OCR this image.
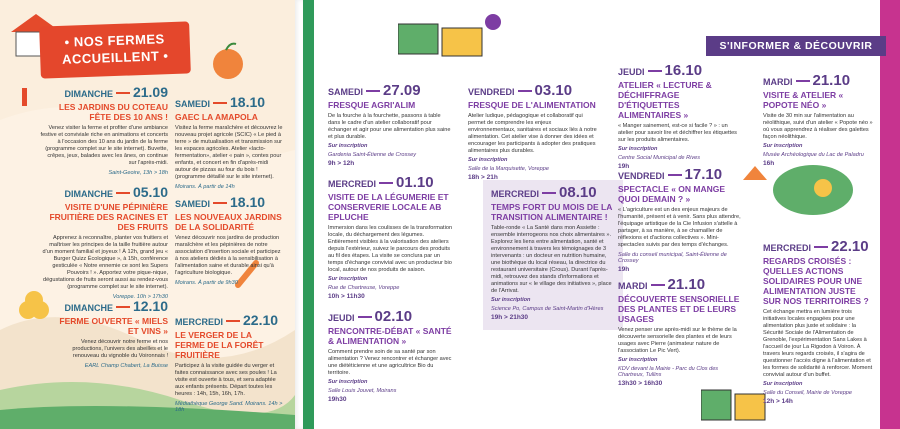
• NOS FERMES
ACCUEILLENT •
DIMANCHE 21.09
LES JARDINS DU COTEAU FÊTE DES 10 ANS !
Venez visiter la ferme et profiter d'une ambiance festive et conviviale riche en animations et concerts à l'occasion des 10 ans du jardin de la ferme (programme complet sur le site internet). Buvette, crêpes, jeux, balades avec les ânes, on continue sur l'après-midi.
Saint-Geoire, 13h > 18h
SAMEDI 18.10
GAEC LA AMAPOLA
Visitez la ferme maraîchère et découvrez le nouveau projet agricole (SCIC) « Le pied à terre » de mutualisation et transmission sur les espaces agricoles. Atelier «lacto-fermentation», atelier « pain », contes pour enfants, et concert en fin d'après-midi autour de pizzas au four du bois ! (programme détaillé sur le site internet).
Moirans. À partir de 14h
DIMANCHE 05.10
VISITE D'UNE PÉPINIÈRE FRUITIÈRE DES RACINES ET DES FRUITS
Apprenez à reconnaître, planter vos fruitiers et maîtriser les principes de la taille fruitière autour d'un moment familial et joyeux ! À 12h, grand jeu « Burger Quizz Écologique », à 15h, conférence gesticulée « Notre ennemie ce sont les Supers Pouvoirs ! ». Apportez votre pique-nique, dégustations de fruits seront aussi au rendez-vous (programme complet sur le site internet).
Voreppe. 10h > 17h30
SAMEDI 18.10
LES NOUVEAUX JARDINS DE LA SOLIDARITÉ
Venez découvrir nos jardins de production maraîchère et les pépinières de notre association d'insertion sociale et participez à nos ateliers dédiés à la sensibilisation à l'alimentation saine et durable ainsi qu'à l'agriculture biologique.
Moirans. À partir de 9h30
DIMANCHE 12.10
FERME OUVERTE « MIELS ET VINS »
Venez découvrir notre ferme et nos productions, l'univers des abeilles et le renouveau du vignoble du Voironnais !
EARL Champ Chabert, La Buisse
MERCREDI 22.10
LE VERGER DE LA FERME DE LA FORÊT FRUITIÈRE
Participez à la visite guidée du verger et faites connaissance avec ses poules ! La visite est ouverte à tous, et sera adaptée aux enfants présents. Départ toutes les heures : 14h, 15h, 16h, 17h.
Médiathèque George Sand. Moirans. 14h > 18h
S'INFORMER & DÉCOUVRIR
SAMEDI 27.09
FRESQUE AGRI'ALIM
De la fourche à la fourchette, passons à table dans le cadre d'un atelier collaboratif pour échanger et agir pour une alimentation plus saine et plus durable.
Sur inscription
Gardenia Saint-Étienne de Crossey
9h > 12h
MERCREDI 01.10
VISITE DE LA LÉGUMERIE ET CONSERVERIE LOCALE AB EPLUCHE
Immersion dans les coulisses de la transformation locale, du déchargement des légumes. Entièrement visibles à la valorisation des ateliers depuis l'extérieur, suivez le parcours des produits au fil des étapes. La visite se conclura par un temps d'échange convivial avec un producteur bio local, autour de nos produits de saison.
Sur inscription
Rue de Chartreuse, Voreppe
10h > 11h30
JEUDI 02.10
RENCONTRE-DÉBAT « SANTÉ & ALIMENTATION »
Comment prendre soin de sa santé par son alimentation ? Venez rencontrer et échanger avec une diététicienne et une agricultrice Bio du territoire.
Sur inscription
Salle Louis Jouvet, Moirans
19h30
VENDREDI 03.10
FRESQUE DE L'ALIMENTATION
Atelier ludique, pédagogique et collaboratif qui permet de comprendre les enjeux environnementaux, sanitaires et sociaux liés à notre alimentation. Cet atelier vise à donner des idées et encourager les participants à adopter des pratiques alimentaires plus durables.
Sur inscription
Salle de la Marquisette, Voreppe
18h > 21h
MERCREDI 08.10
TEMPS FORT DU MOIS DE LA TRANSITION ALIMENTAIRE !
Table-ronde « La Santé dans mon Assiette : ensemble interrogeons nos choix alimentaires ». Explorez les liens entre alimentation, santé et environnement à travers les témoignages de 3 intervenants : un docteur en nutrition humaine, une biothèque du local réseau, la directrice du restaurant universitaire (Crous). Durant l'après-midi, retrouvez des stands d'informations et animations sur « le village des initiatives », place de l'Arrivat.
Sur inscription
Science Po, Campus de Saint-Martin d'Hères
19h > 21h30
JEUDI 16.10
ATELIER « LECTURE & DÉCHIFFRAGE D'ÉTIQUETTES ALIMENTAIRES »
« Manger sainement, est-ce si facile ? » : un atelier pour savoir lire et déchiffrer les étiquettes sur les produits alimentaires.
Sur inscription
Centre Social Municipal de Rives
19h
VENDREDI 17.10
SPECTACLE « ON MANGE QUOI DEMAIN ? »
« L'agriculture est un des enjeux majeurs de l'humanité, présent et à venir. Sans plus attendre, l'équipage artistique de la Cie Infusion s'attelle à partager, à sa manière, à se chamailler de réflexions et d'actions collectives ». Mini-spectacles suivis par des temps d'échanges.
Salle du conseil municipal, Saint-Étienne de Crossey
19h
MARDI 21.10
DÉCOUVERTE SENSORIELLE DES PLANTES ET DE LEURS USAGES
Venez penser une après-midi sur le thème de la découverte sensorielle des plantes et de leurs usages avec Pierre (animateur nature de l'association Le Pic Vert).
Sur inscription
KDV devant la Mairie - Parc du Clos des Chartreux, Tullins
13h30 > 16h30
MARDI 21.10
VISITE & ATELIER « POPOTE NÉO »
Visite de 30 min sur l'alimentation au néolithique, suivi d'un atelier « Popote néo » où vous apprendrez à réaliser des galettes façon néolithique.
Sur inscription
Musée Archéologique du Lac de Paladru
16h
MERCREDI 22.10
REGARDS CROISÉS : QUELLES ACTIONS SOLIDAIRES POUR UNE ALIMENTATION JUSTE SUR NOS TERRITOIRES ?
Cet échange mettra en lumière trois initiatives locales engagées pour une alimentation plus juste et solidaire : la Sécurité Sociale de l'Alimentation de Grenoble, l'expérimentation Sans Lakes à l'accueil de jour La Rigodon à Voiron. À travers leurs regards croisés, il s'agira de questionner l'accès digne à l'alimentation et les formes de solidarité à renforcer. Moment convivial autour d'un buffet.
Sur inscription
Salle du Conseil, Mairie de Voreppe
12h > 14h
